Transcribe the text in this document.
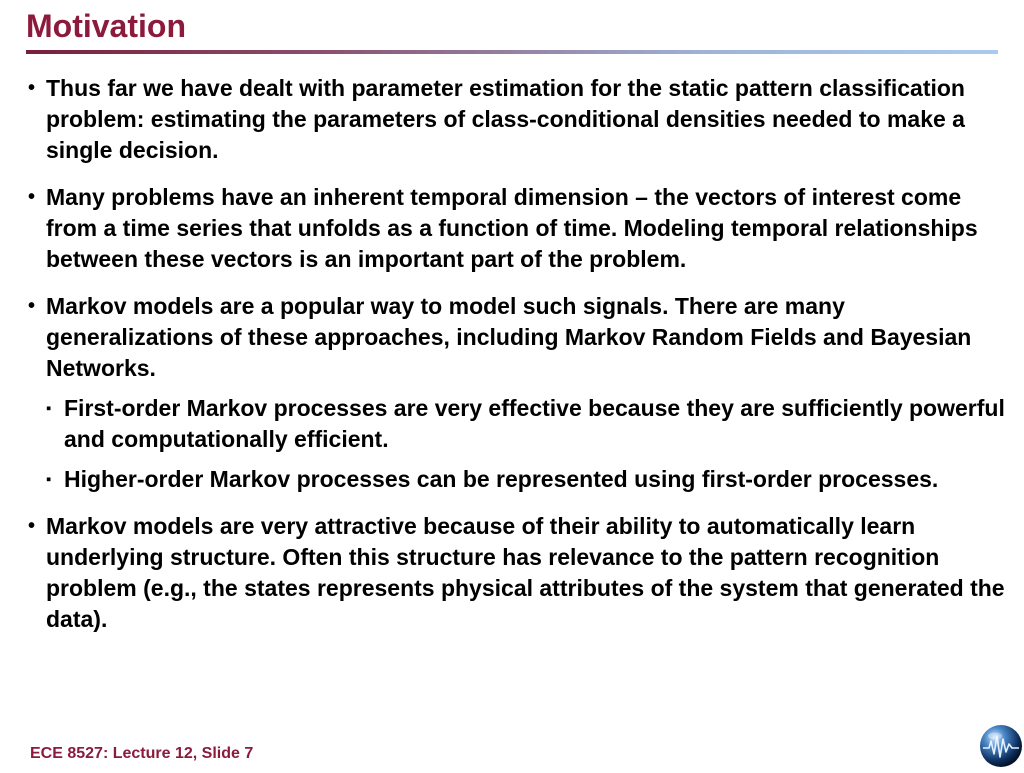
Motivation
• Thus far we have dealt with parameter estimation for the static pattern classification problem: estimating the parameters of class-conditional densities needed to make a single decision.
• Many problems have an inherent temporal dimension – the vectors of interest come from a time series that unfolds as a function of time. Modeling temporal relationships between these vectors is an important part of the problem.
• Markov models are a popular way to model such signals. There are many generalizations of these approaches, including Markov Random Fields and Bayesian Networks.
▪ First-order Markov processes are very effective because they are sufficiently powerful and computationally efficient.
▪ Higher-order Markov processes can be represented using first-order processes.
• Markov models are very attractive because of their ability to automatically learn underlying structure. Often this structure has relevance to the pattern recognition problem (e.g., the states represents physical attributes of the system that generated the data).
ECE 8527: Lecture 12, Slide 7
